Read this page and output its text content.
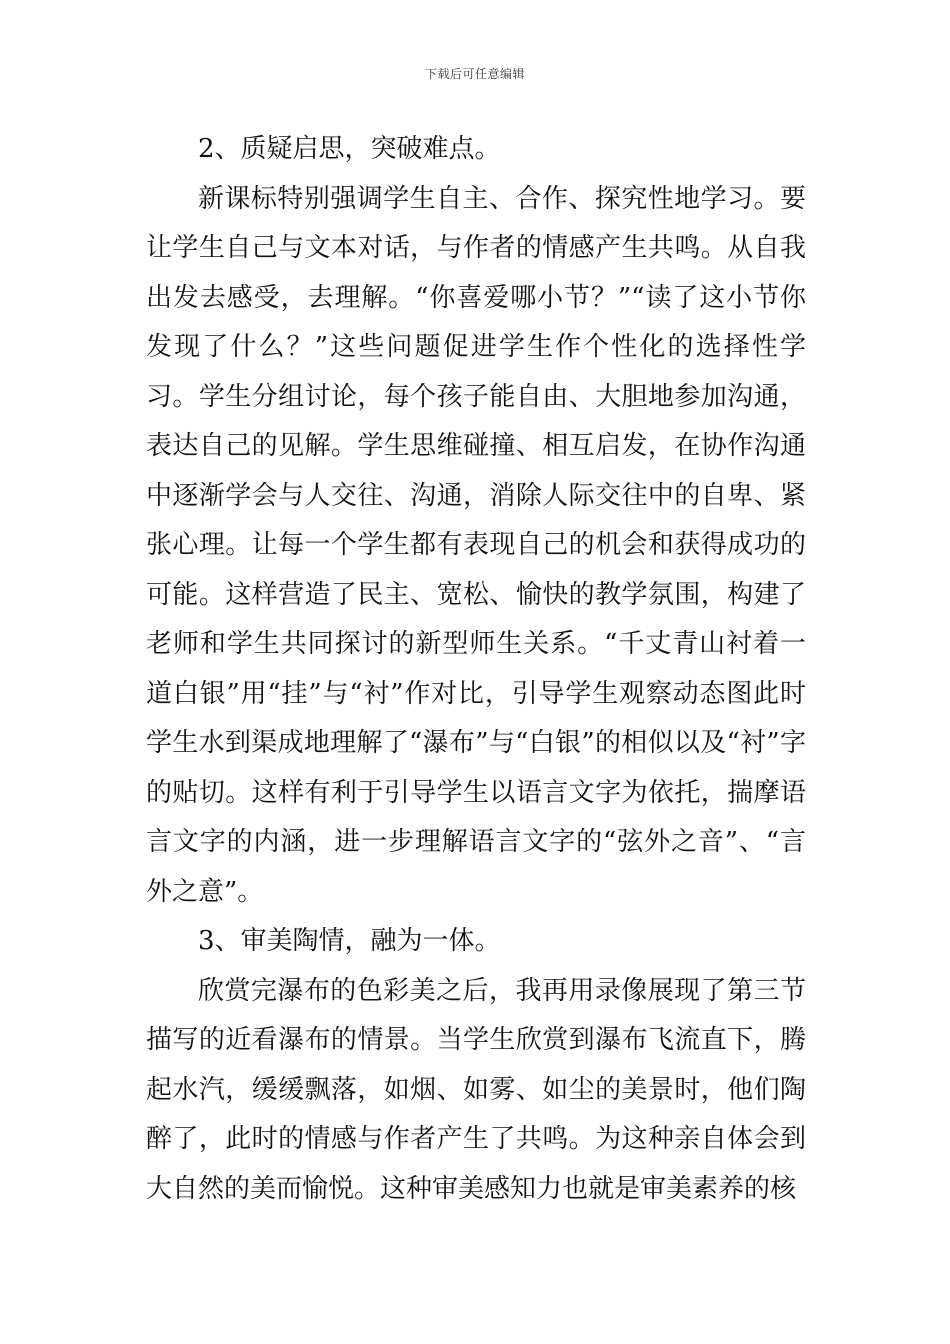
下载后可任意编辑

2、质疑启思，突破难点。

新课标特别强调学生自主、合作、探究性地学习。要让学生自己与文本对话，与作者的情感产生共鸣。从自我出发去感受，去理解。“你喜爱哪小节？”“读了这小节你发现了什么？”这些问题促进学生作个性化的选择性学习。学生分组讨论，每个孩子能自由、大胆地参加沟通，表达自己的见解。学生思维碰撞、相互启发，在协作沟通中逐渐学会与人交往、沟通，消除人际交往中的自卑、紧张心理。让每一个学生都有表现自己的机会和获得成功的可能。这样营造了民主、宽松、愉快的教学氛围，构建了老师和学生共同探讨的新型师生关系。“千丈青山衬着一道白银”用“挂”与“衬”作对比，引导学生观察动态图此时学生水到渠成地理解了“瀑布”与“白银”的相似以及“衬”字的贴切。这样有利于引导学生以语言文字为依托，揣摩语言文字的内涵，进一步理解语言文字的“弦外之音”、“言外之意”。

3、审美陶情，融为一体。

欣赏完瀑布的色彩美之后，我再用录像展现了第三节描写的近看瀑布的情景。当学生欣赏到瀑布飞流直下，腾起水汽，缓缓飘落，如烟、如雾、如尘的美景时，他们陶醉了，此时的情感与作者产生了共鸣。为这种亲自体会到大自然的美而愉悦。这种审美感知力也就是审美素养的核
